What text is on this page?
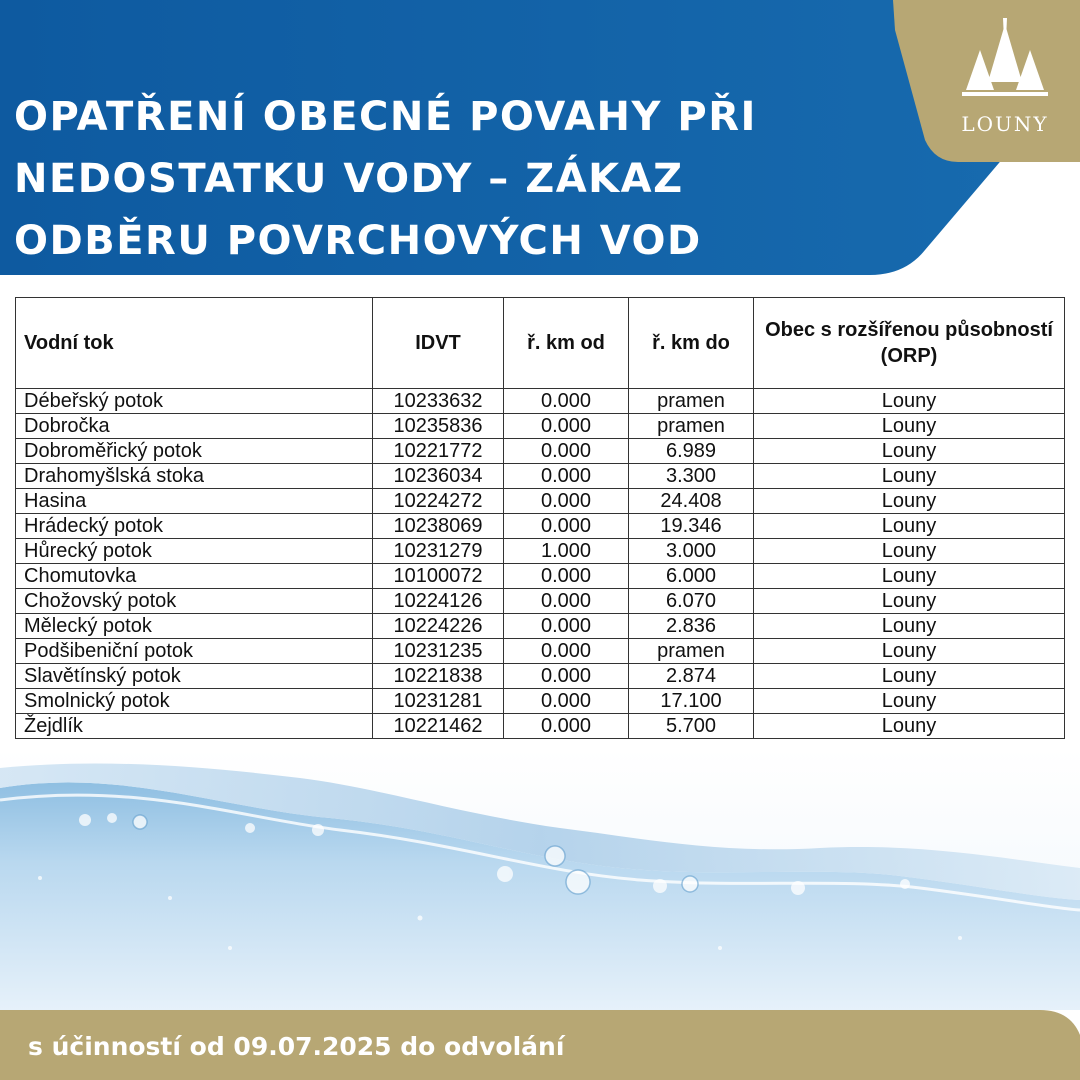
OPATŘENÍ OBECNÉ POVAHY PŘI NEDOSTATKU VODY – ZÁKAZ ODBĚRU POVRCHOVÝCH VOD
LOUNY
Vodní tok	IDVT	ř. km od	ř. km do	Obec s rozšířenou působností (ORP)
Débeřský potok	10233632	0.000	pramen	Louny
Dobročka	10235836	0.000	pramen	Louny
Dobroměřický potok	10221772	0.000	6.989	Louny
Drahomyšlská stoka	10236034	0.000	3.300	Louny
Hasina	10224272	0.000	24.408	Louny
Hrádecký potok	10238069	0.000	19.346	Louny
Hůrecký potok	10231279	1.000	3.000	Louny
Chomutovka	10100072	0.000	6.000	Louny
Chožovský potok	10224126	0.000	6.070	Louny
Mělecký potok	10224226	0.000	2.836	Louny
Podšibeniční potok	10231235	0.000	pramen	Louny
Slavětínský potok	10221838	0.000	2.874	Louny
Smolnický potok	10231281	0.000	17.100	Louny
Žejdlík	10221462	0.000	5.700	Louny
s účinností od 09.07.2025 do odvolání
